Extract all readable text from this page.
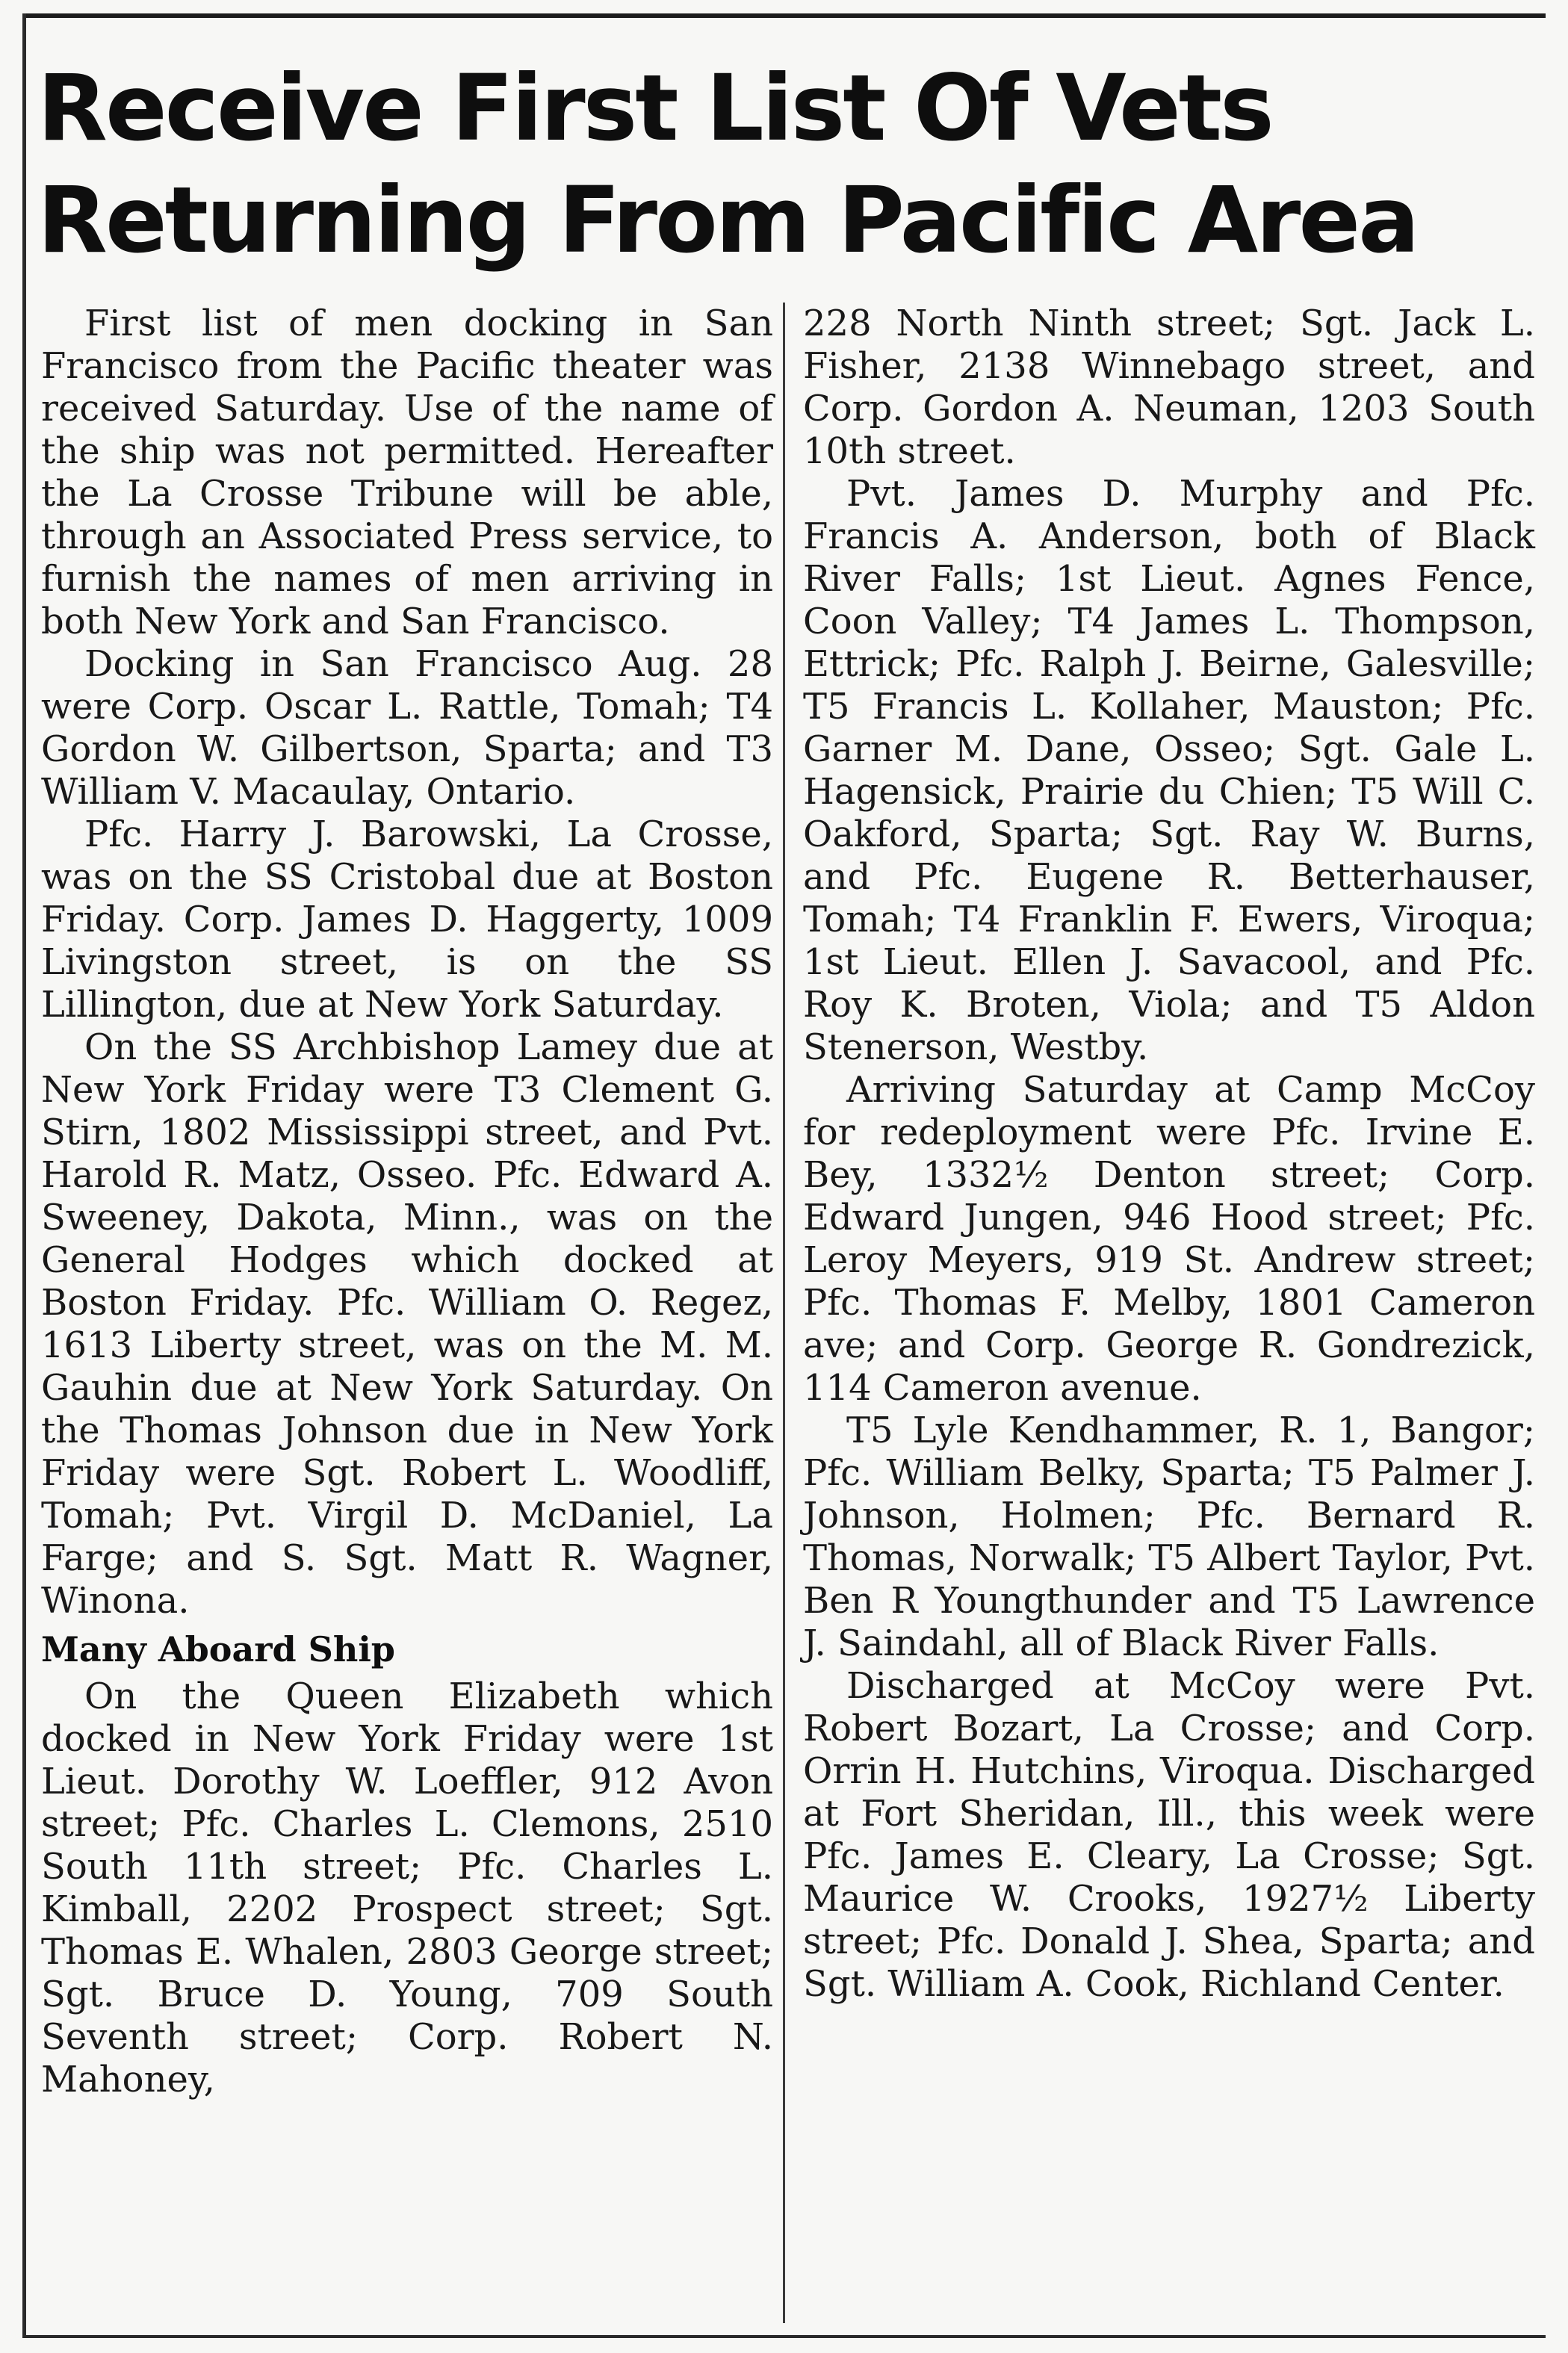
Receive First List Of Vets
Returning From Pacific Area

First list of men docking in San Francisco from the Pacific theater was received Saturday. Use of the name of the ship was not permitted. Hereafter the La Crosse Tribune will be able, through an Associated Press service, to furnish the names of men arriving in both New York and San Francisco.

Docking in San Francisco Aug. 28 were Corp. Oscar L. Rattle, Tomah; T4 Gordon W. Gilbertson, Sparta; and T3 William V. Macaulay, Ontario.

Pfc. Harry J. Barowski, La Crosse, was on the SS Cristobal due at Boston Friday. Corp. James D. Haggerty, 1009 Livingston street, is on the SS Lillington, due at New York Saturday.

On the SS Archbishop Lamey due at New York Friday were T3 Clement G. Stirn, 1802 Mississippi street, and Pvt. Harold R. Matz, Osseo. Pfc. Edward A. Sweeney, Dakota, Minn., was on the General Hodges which docked at Boston Friday. Pfc. William O. Regez, 1613 Liberty street, was on the M. M. Gauhin due at New York Saturday. On the Thomas Johnson due in New York Friday were Sgt. Robert L. Woodliff, Tomah; Pvt. Virgil D. McDaniel, La Farge; and S. Sgt. Matt R. Wagner, Winona.

Many Aboard Ship

On the Queen Elizabeth which docked in New York Friday were 1st Lieut. Dorothy W. Loeffler, 912 Avon street; Pfc. Charles L. Clemons, 2510 South 11th street; Pfc. Charles L. Kimball, 2202 Prospect street; Sgt. Thomas E. Whalen, 2803 George street; Sgt. Bruce D. Young, 709 South Seventh street; Corp. Robert N. Mahoney,

228 North Ninth street; Sgt. Jack L. Fisher, 2138 Winnebago street, and Corp. Gordon A. Neuman, 1203 South 10th street.

Pvt. James D. Murphy and Pfc. Francis A. Anderson, both of Black River Falls; 1st Lieut. Agnes Fence, Coon Valley; T4 James L. Thompson, Ettrick; Pfc. Ralph J. Beirne, Galesville; T5 Francis L. Kollaher, Mauston; Pfc. Garner M. Dane, Osseo; Sgt. Gale L. Hagensick, Prairie du Chien; T5 Will C. Oakford, Sparta; Sgt. Ray W. Burns, and Pfc. Eugene R. Betterhauser, Tomah; T4 Franklin F. Ewers, Viroqua; 1st Lieut. Ellen J. Savacool, and Pfc. Roy K. Broten, Viola; and T5 Aldon Stenerson, Westby.

Arriving Saturday at Camp McCoy for redeployment were Pfc. Irvine E. Bey, 1332½ Denton street; Corp. Edward Jungen, 946 Hood street; Pfc. Leroy Meyers, 919 St. Andrew street; Pfc. Thomas F. Melby, 1801 Cameron ave; and Corp. George R. Gondrezick, 114 Cameron avenue.

T5 Lyle Kendhammer, R. 1, Bangor; Pfc. William Belky, Sparta; T5 Palmer J. Johnson, Holmen; Pfc. Bernard R. Thomas, Norwalk; T5 Albert Taylor, Pvt. Ben R Youngthunder and T5 Lawrence J. Saindahl, all of Black River Falls.

Discharged at McCoy were Pvt. Robert Bozart, La Crosse; and Corp. Orrin H. Hutchins, Viroqua. Discharged at Fort Sheridan, Ill., this week were Pfc. James E. Cleary, La Crosse; Sgt. Maurice W. Crooks, 1927½ Liberty street; Pfc. Donald J. Shea, Sparta; and Sgt. William A. Cook, Richland Center.
